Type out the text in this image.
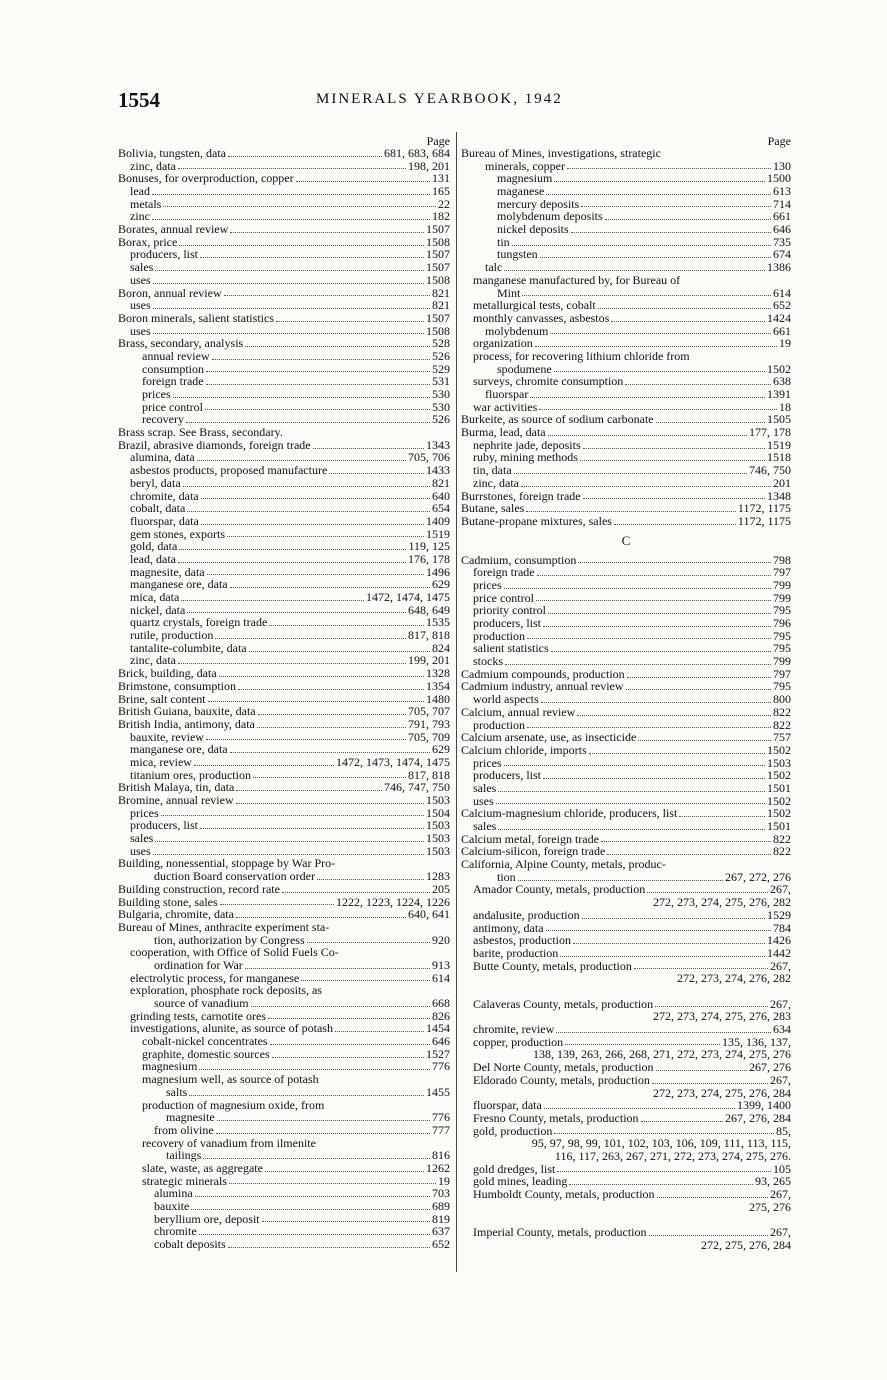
1554	MINERALS YEARBOOK, 1942
Page
Bolivia, tungsten, data	681, 683, 684
zinc, data	198, 201
Bonuses, for overproduction, copper	131
lead	165
metals	22
zinc	182
Borates, annual review	1507
Borax, price	1508
producers, list	1507
sales	1507
uses	1508
Boron, annual review	821
uses	821
Boron minerals, salient statistics	1507
uses	1508
Brass, secondary, analysis	528
annual review	526
consumption	529
foreign trade	531
prices	530
price control	530
recovery	526
Brass scrap. See Brass, secondary.
Brazil, abrasive diamonds, foreign trade	1343
alumina, data	705, 706
asbestos products, proposed manufacture	1433
beryl, data	821
chromite, data	640
cobalt, data	654
fluorspar, data	1409
gem stones, exports	1519
gold, data	119, 125
lead, data	176, 178
magnesite, data	1496
manganese ore, data	629
mica, data	1472, 1474, 1475
nickel, data	648, 649
quartz crystals, foreign trade	1535
rutile, production	817, 818
tantalite-columbite, data	824
zinc, data	199, 201
Brick, building, data	1328
Brimstone, consumption	1354
Brine, salt content	1480
British Guiana, bauxite, data	705, 707
British India, antimony, data	791, 793
bauxite, review	705, 709
manganese ore, data	629
mica, review	1472, 1473, 1474, 1475
titanium ores, production	817, 818
British Malaya, tin, data	746, 747, 750
Bromine, annual review	1503
prices	1504
producers, list	1503
sales	1503
uses	1503
Building, nonessential, stoppage by War Pro-
duction Board conservation order	1283
Building construction, record rate	205
Building stone, sales	1222, 1223, 1224, 1226
Bulgaria, chromite, data	640, 641
Bureau of Mines, anthracite experiment sta-
tion, authorization by Congress	920
cooperation, with Office of Solid Fuels Co-
ordination for War	913
electrolytic process, for manganese	614
exploration, phosphate rock deposits, as
source of vanadium	668
grinding tests, carnotite ores	826
investigations, alunite, as source of potash	1454
cobalt-nickel concentrates	646
graphite, domestic sources	1527
magnesium	776
magnesium well, as source of potash
salts	1455
production of magnesium oxide, from
magnesite	776
from olivine	777
recovery of vanadium from ilmenite
tailings	816
slate, waste, as aggregate	1262
strategic minerals	19
alumina	703
bauxite	689
beryllium ore, deposit	819
chromite	637
cobalt deposits	652
Page
Bureau of Mines, investigations, strategic
minerals, copper	130
magnesium	1500
maganese	613
mercury deposits	714
molybdenum deposits	661
nickel deposits	646
tin	735
tungsten	674
talc	1386
manganese manufactured by, for Bureau of
Mint	614
metallurgical tests, cobalt	652
monthly canvasses, asbestos	1424
molybdenum	661
organization	19
process, for recovering lithium chloride from
spodumene	1502
surveys, chromite consumption	638
fluorspar	1391
war activities	18
Burkeite, as source of sodium carbonate	1505
Burma, lead, data	177, 178
nephrite jade, deposits	1519
ruby, mining methods	1518
tin, data	746, 750
zinc, data	201
Burrstones, foreign trade	1348
Butane, sales	1172, 1175
Butane-propane mixtures, sales	1172, 1175
C
Cadmium, consumption	798
foreign trade	797
prices	799
price control	799
priority control	795
producers, list	796
production	795
salient statistics	795
stocks	799
Cadmium compounds, production	797
Cadmium industry, annual review	795
world aspects	800
Calcium, annual review	822
production	822
Calcium arsenate, use, as insecticide	757
Calcium chloride, imports	1502
prices	1503
producers, list	1502
sales	1501
uses	1502
Calcium-magnesium chloride, producers, list	1502
sales	1501
Calcium metal, foreign trade	822
Calcium-silicon, foreign trade	822
California, Alpine County, metals, produc-
tion	267, 272, 276
Amador County, metals, production	267,
272, 273, 274, 275, 276, 282
andalusite, production	1529
antimony, data	784
asbestos, production	1426
barite, production	1442
Butte County, metals, production	267,
272, 273, 274, 276, 282
Calaveras County, metals, production	267,
272, 273, 274, 275, 276, 283
chromite, review	634
copper, production	135, 136, 137,
138, 139, 263, 266, 268, 271, 272, 273, 274, 275, 276
Del Norte County, metals, production	267, 276
Eldorado County, metals, production	267,
272, 273, 274, 275, 276, 284
fluorspar, data	1399, 1400
Fresno County, metals, production	267, 276, 284
gold, production	85,
95, 97, 98, 99, 101, 102, 103, 106, 109, 111, 113, 115,
116, 117, 263, 267, 271, 272, 273, 274, 275, 276.
gold dredges, list	105
gold mines, leading	93, 265
Humboldt County, metals, production	267,
275, 276
Imperial County, metals, production	267,
272, 275, 276, 284
